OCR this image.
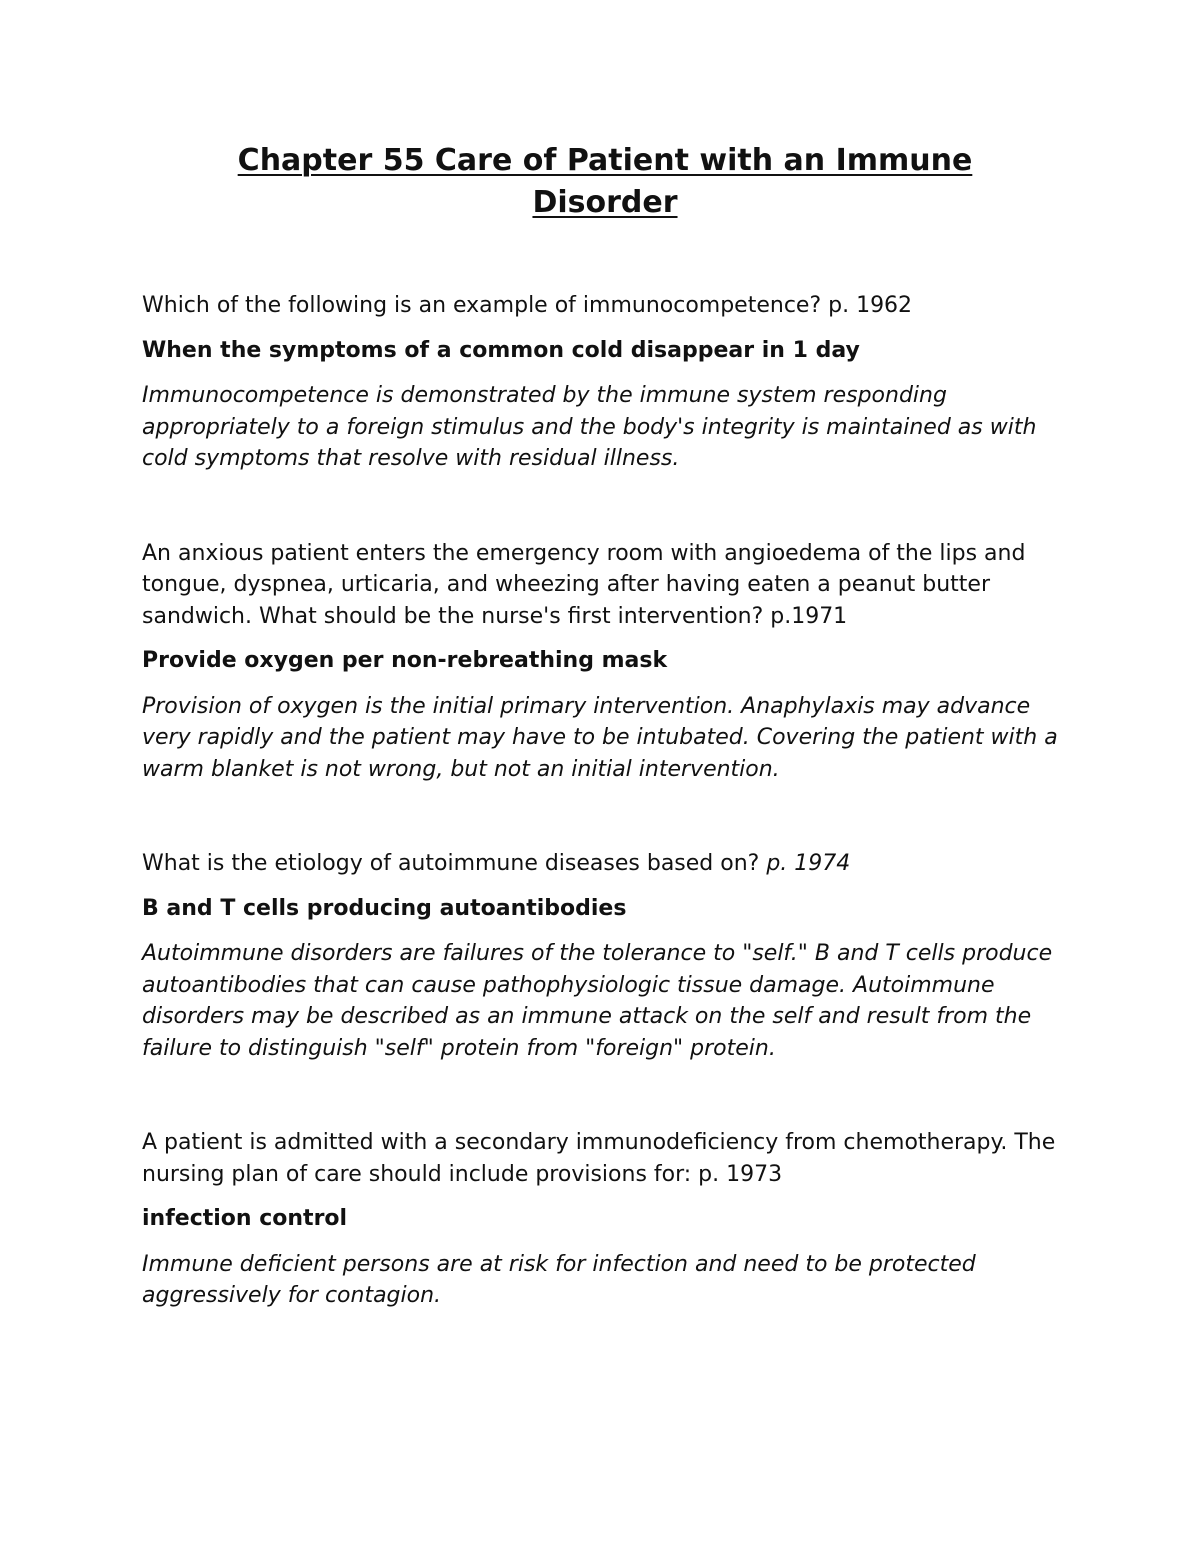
Chapter 55 Care of Patient with an Immune Disorder

Which of the following is an example of immunocompetence? p. 1962

When the symptoms of a common cold disappear in 1 day

Immunocompetence is demonstrated by the immune system responding appropriately to a foreign stimulus and the body's integrity is maintained as with cold symptoms that resolve with residual illness.

An anxious patient enters the emergency room with angioedema of the lips and tongue, dyspnea, urticaria, and wheezing after having eaten a peanut butter sandwich. What should be the nurse's first intervention? p.1971

Provide oxygen per non-rebreathing mask

Provision of oxygen is the initial primary intervention. Anaphylaxis may advance very rapidly and the patient may have to be intubated. Covering the patient with a warm blanket is not wrong, but not an initial intervention.

What is the etiology of autoimmune diseases based on? p. 1974

B and T cells producing autoantibodies

Autoimmune disorders are failures of the tolerance to "self." B and T cells produce autoantibodies that can cause pathophysiologic tissue damage. Autoimmune disorders may be described as an immune attack on the self and result from the failure to distinguish "self" protein from "foreign" protein.

A patient is admitted with a secondary immunodeficiency from chemotherapy. The nursing plan of care should include provisions for: p. 1973

infection control

Immune deficient persons are at risk for infection and need to be protected aggressively for contagion.
